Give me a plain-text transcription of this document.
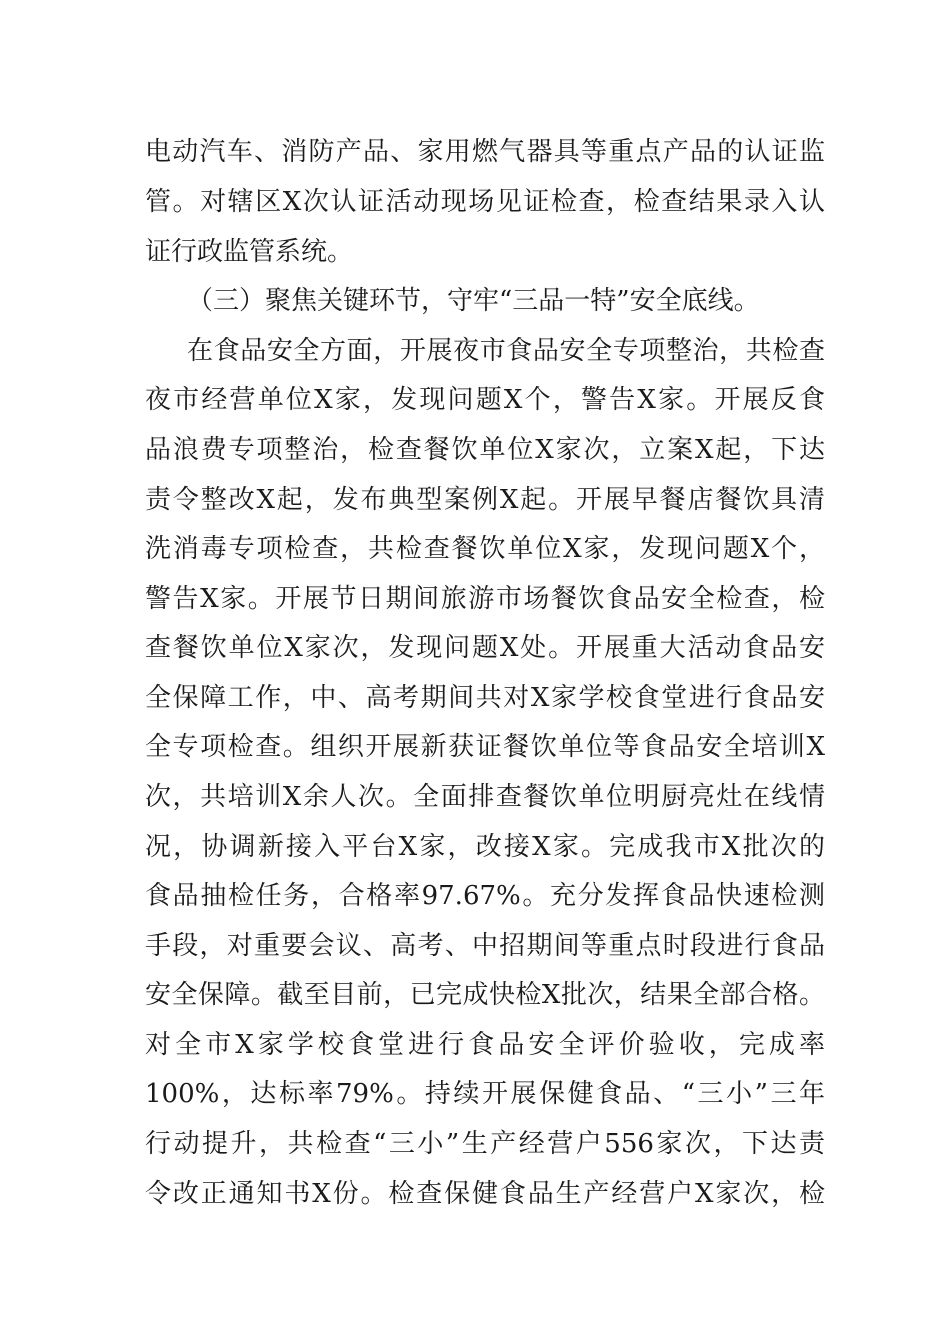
电动汽车、消防产品、家用燃气器具等重点产品的认证监
管。对辖区X次认证活动现场见证检查，检查结果录入认
证行政监管系统。
（三）聚焦关键环节，守牢“三品一特”安全底线。
在食品安全方面，开展夜市食品安全专项整治，共检查
夜市经营单位X家，发现问题X个，警告X家。开展反食
品浪费专项整治，检查餐饮单位X家次，立案X起，下达
责令整改X起，发布典型案例X起。开展早餐店餐饮具清
洗消毒专项检查，共检查餐饮单位X家，发现问题X个，
警告X家。开展节日期间旅游市场餐饮食品安全检查，检
查餐饮单位X家次，发现问题X处。开展重大活动食品安
全保障工作，中、高考期间共对X家学校食堂进行食品安
全专项检查。组织开展新获证餐饮单位等食品安全培训X
次，共培训X余人次。全面排查餐饮单位明厨亮灶在线情
况，协调新接入平台X家，改接X家。完成我市X批次的
食品抽检任务，合格率97.67%。充分发挥食品快速检测
手段，对重要会议、高考、中招期间等重点时段进行食品
安全保障。截至目前，已完成快检X批次，结果全部合格。
对全市X家学校食堂进行食品安全评价验收，完成率
100%，达标率79%。持续开展保健食品、“三小”三年
行动提升，共检查“三小”生产经营户556家次，下达责
令改正通知书X份。检查保健食品生产经营户X家次，检
